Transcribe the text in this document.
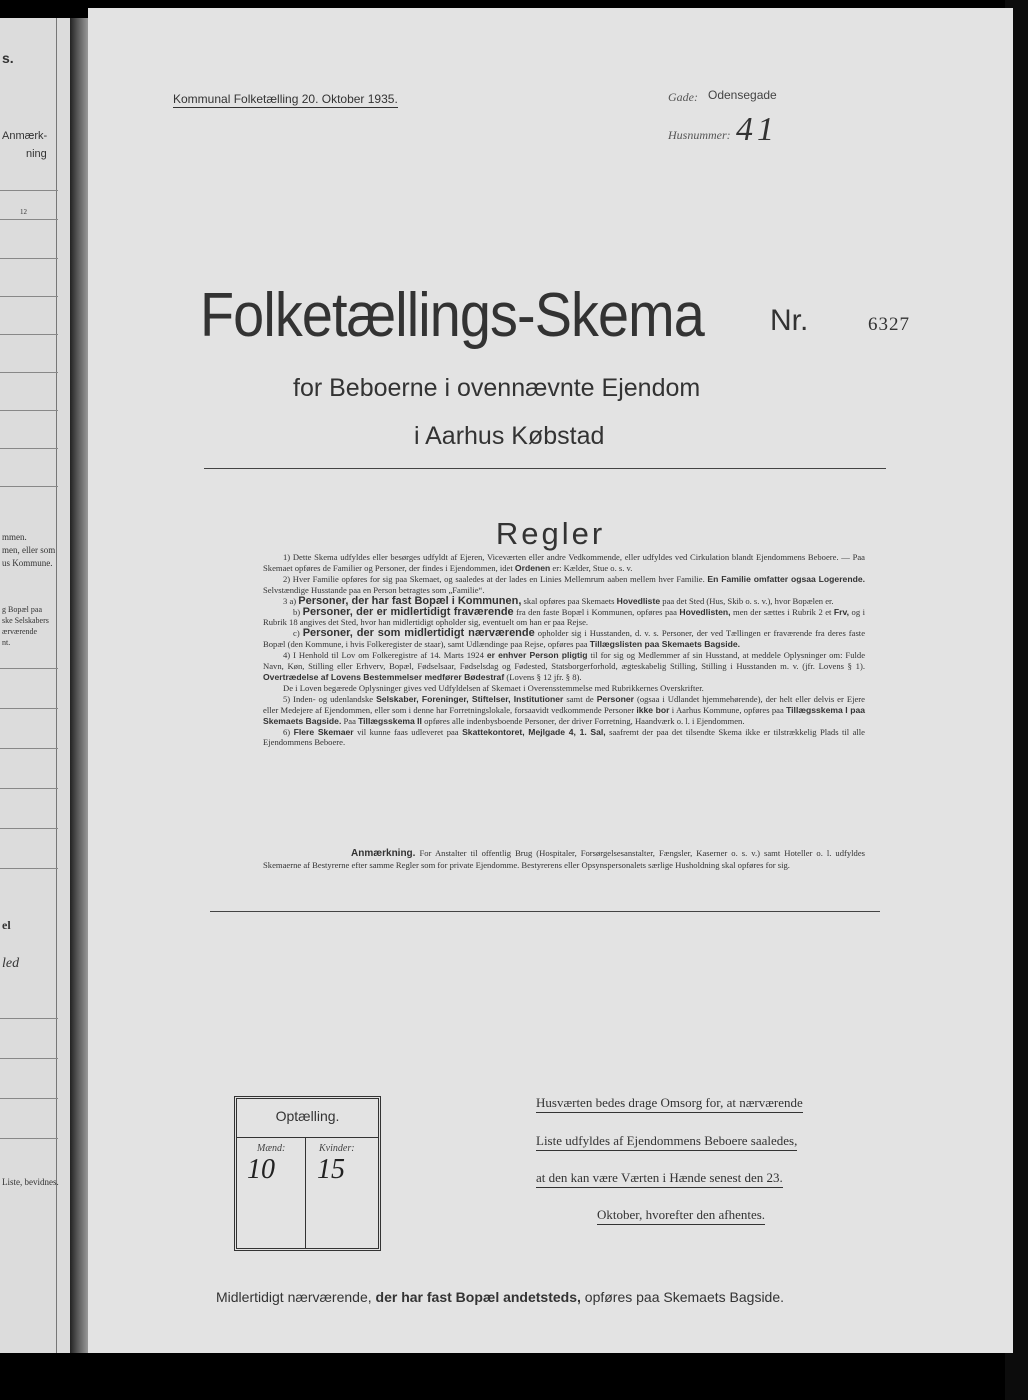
s.
Anmærk-
ning
12
mmen.
men, eller som
us Kommune.
g Bopæl paa
ske Selskabers
ærværende
nt.
el
led
Liste, bevidnes.
Kommunal Folketælling 20. Oktober 1935.	Gade: Odensegade
Husnummer: 41
Folketællings-Skema Nr.	6327
for Beboerne i ovennævnte Ejendom
i Aarhus Købstad
Regler

1) Dette Skema udfyldes eller besørges udfyldt af Ejeren, Viceværten eller andre Vedkommende, eller udfyldes ved Cirkulation blandt Ejendommens Beboere. — Paa Skemaet opføres de Familier og Personer, der findes i Ejendommen, idet Ordenen er: Kælder, Stue o. s. v.

2) Hver Familie opføres for sig paa Skemaet, og saaledes at der lades en Linies Mellemrum aaben mellem hver Familie. En Familie omfatter ogsaa Logerende. Selvstændige Husstande paa en Person betragtes som „Familie“.

3 a) Personer, der har fast Bopæl i Kommunen, skal opføres paa Skemaets Hovedliste paa det Sted (Hus, Skib o. s. v.), hvor Bopælen er.

b) Personer, der er midlertidigt fraværende fra den faste Bopæl i Kommunen, opføres paa Hovedlisten, men der sættes i Rubrik 2 et Frv, og i Rubrik 18 angives det Sted, hvor han midlertidigt opholder sig, eventuelt om han er paa Rejse.

c) Personer, der som midlertidigt nærværende opholder sig i Husstanden, d. v. s. Personer, der ved Tællingen er fraværende fra deres faste Bopæl (den Kommune, i hvis Folkeregister de staar), samt Udlændinge paa Rejse, opføres paa Tillægslisten paa Skemaets Bagside.

4) I Henhold til Lov om Folkeregistre af 14. Marts 1924 er enhver Person pligtig til for sig og Medlemmer af sin Husstand, at meddele Oplysninger om: Fulde Navn, Køn, Stilling eller Erhverv, Bopæl, Fødselsaar, Fødselsdag og Fødested, Statsborgerforhold, ægteskabelig Stilling, Stilling i Husstanden m. v. (jfr. Lovens § 1). Overtrædelse af Lovens Bestemmelser medfører Bødestraf (Lovens § 12 jfr. § 8).

De i Loven begærede Oplysninger gives ved Udfyldelsen af Skemaet i Overensstemmelse med Rubrikkernes Overskrifter.

5) Inden- og udenlandske Selskaber, Foreninger, Stiftelser, Institutioner samt de Personer (ogsaa i Udlandet hjemmehørende), der helt eller delvis er Ejere eller Medejere af Ejendommen, eller som i denne har Forretningslokale, forsaavidt vedkommende Personer ikke bor i Aarhus Kommune, opføres paa Tillægsskema I paa Skemaets Bagside. Paa Tillægsskema II opføres alle indenbysboende Personer, der driver Forretning, Haandværk o. l. i Ejendommen.

6) Flere Skemaer vil kunne faas udleveret paa Skattekontoret, Mejlgade 4, 1. Sal, saafremt der paa det tilsendte Skema ikke er tilstrækkelig Plads til alle Ejendommens Beboere.

Anmærkning. For Anstalter til offentlig Brug (Hospitaler, Forsørgelsesanstalter, Fængsler, Kaserner o. s. v.) samt Hoteller o. l. udfyldes Skemaerne af Bestyrerne efter samme Regler som for private Ejendomme. Bestyrerens eller Opsynspersonalets særlige Husholdning skal opføres for sig.
Optælling.
Mænd:	Kvinder:
10 15
Husværten bedes drage Omsorg for, at nærværende
Liste udfyldes af Ejendommens Beboere saaledes,
at den kan være Værten i Hænde senest den 23.
Oktober, hvorefter den afhentes.
Midlertidigt nærværende, der har fast Bopæl andetsteds, opføres paa Skemaets Bagside.
